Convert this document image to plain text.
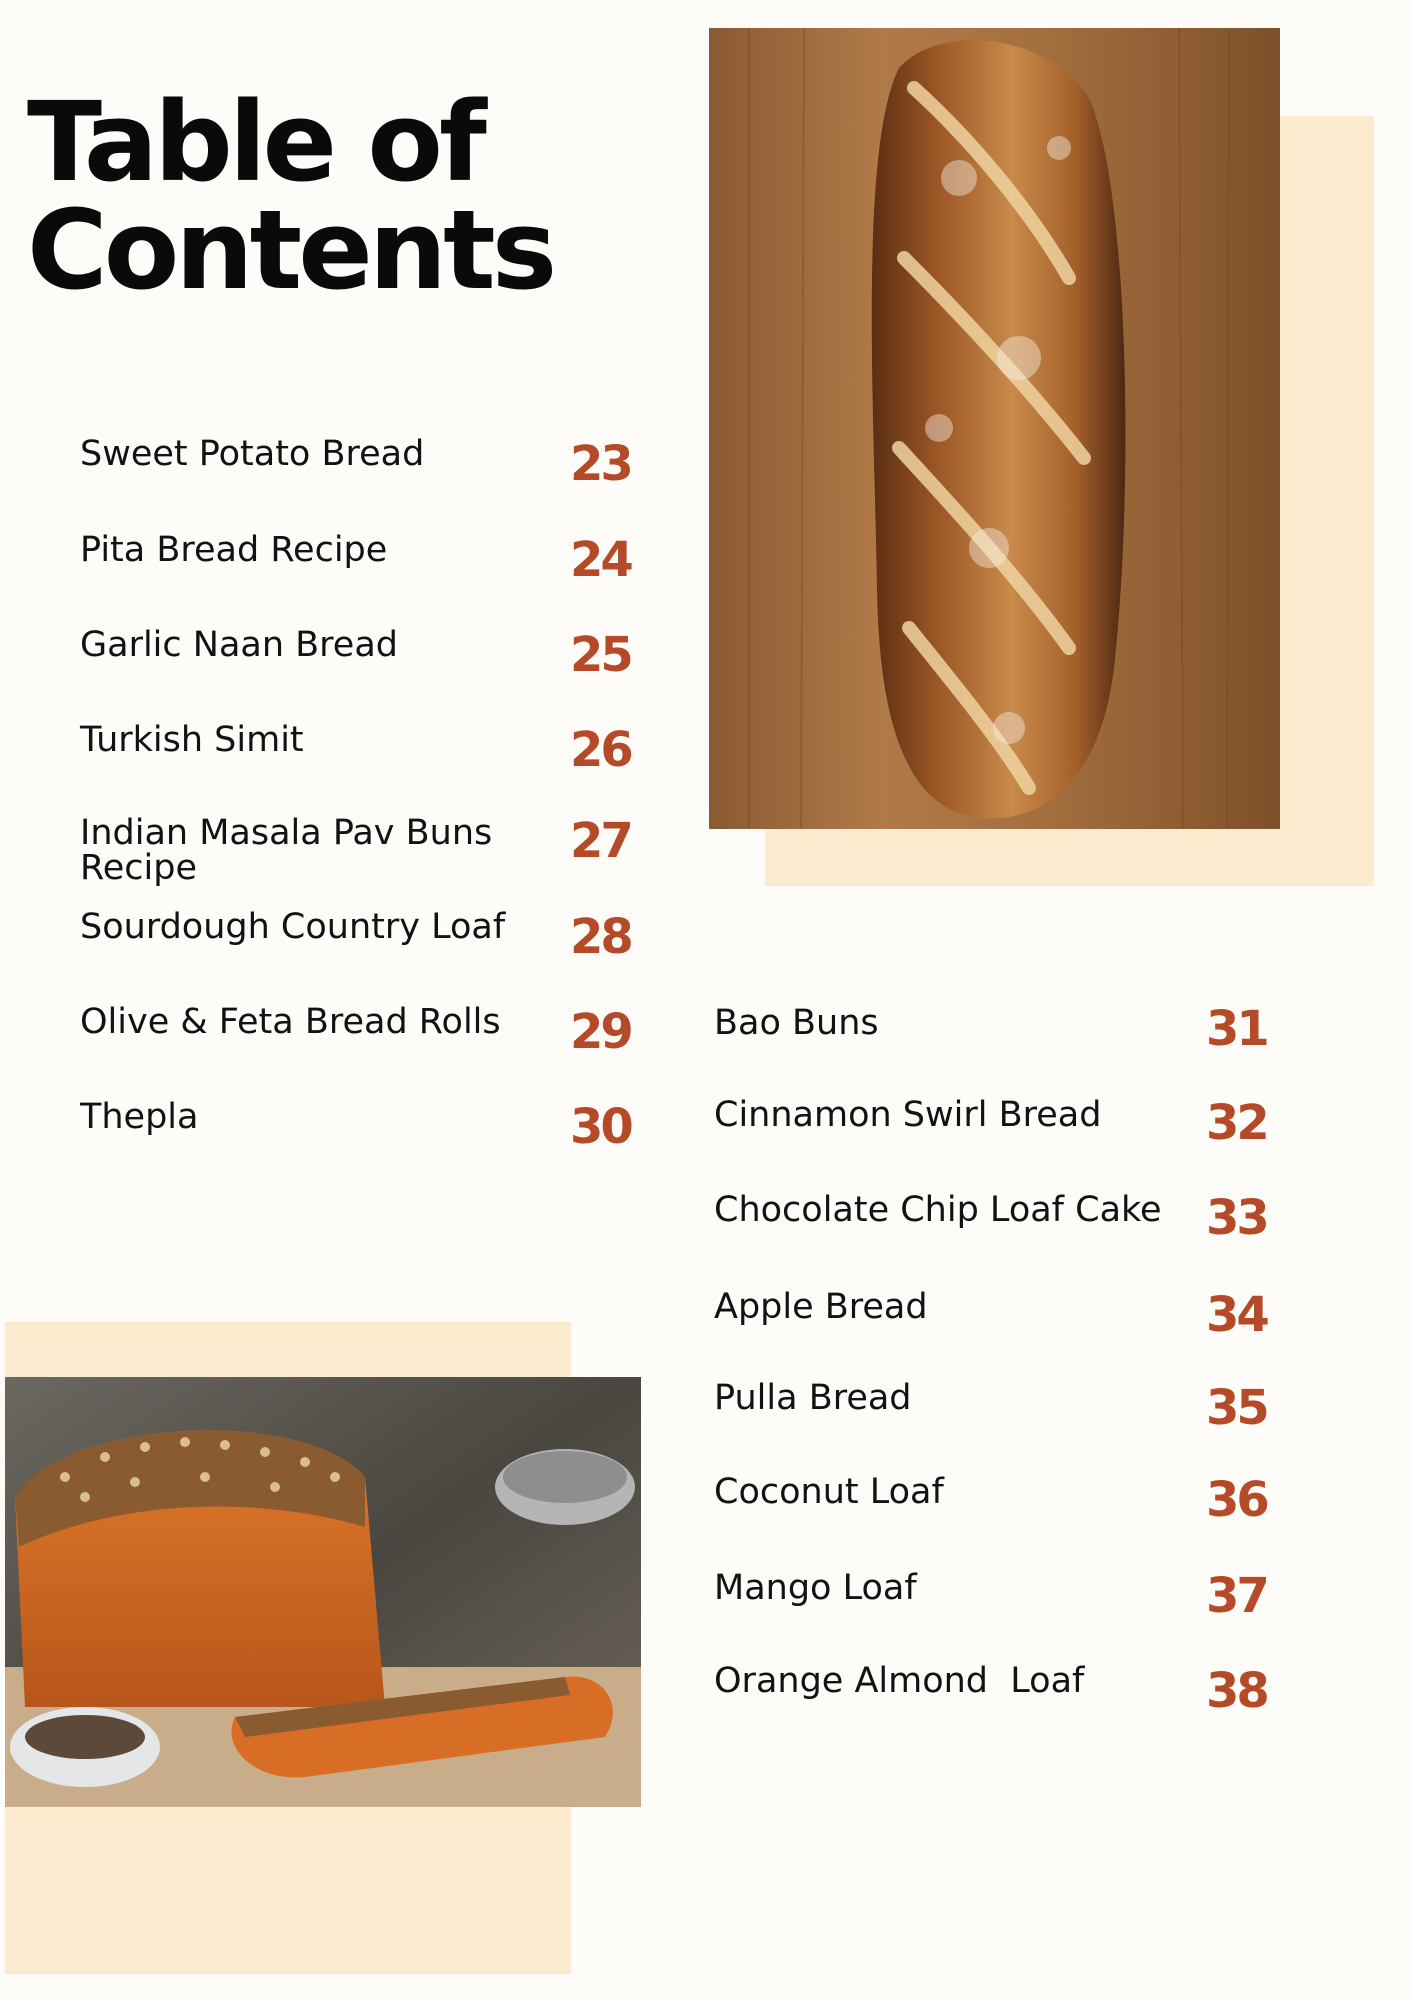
Table of
Contents
Sweet Potato Bread	23
Pita Bread Recipe	24
Garlic Naan Bread	25
Turkish Simit	26
Indian Masala Pav Buns
Recipe	27
Sourdough Country Loaf 28
Olive & Feta Bread Rolls 29
Thepla	30
Bao Buns	31
Cinnamon Swirl Bread 32
Chocolate Chip Loaf Cake 33
Apple Bread	34
Pulla Bread	35
Coconut Loaf	36
Mango Loaf	37
Orange Almond  Loaf	38
